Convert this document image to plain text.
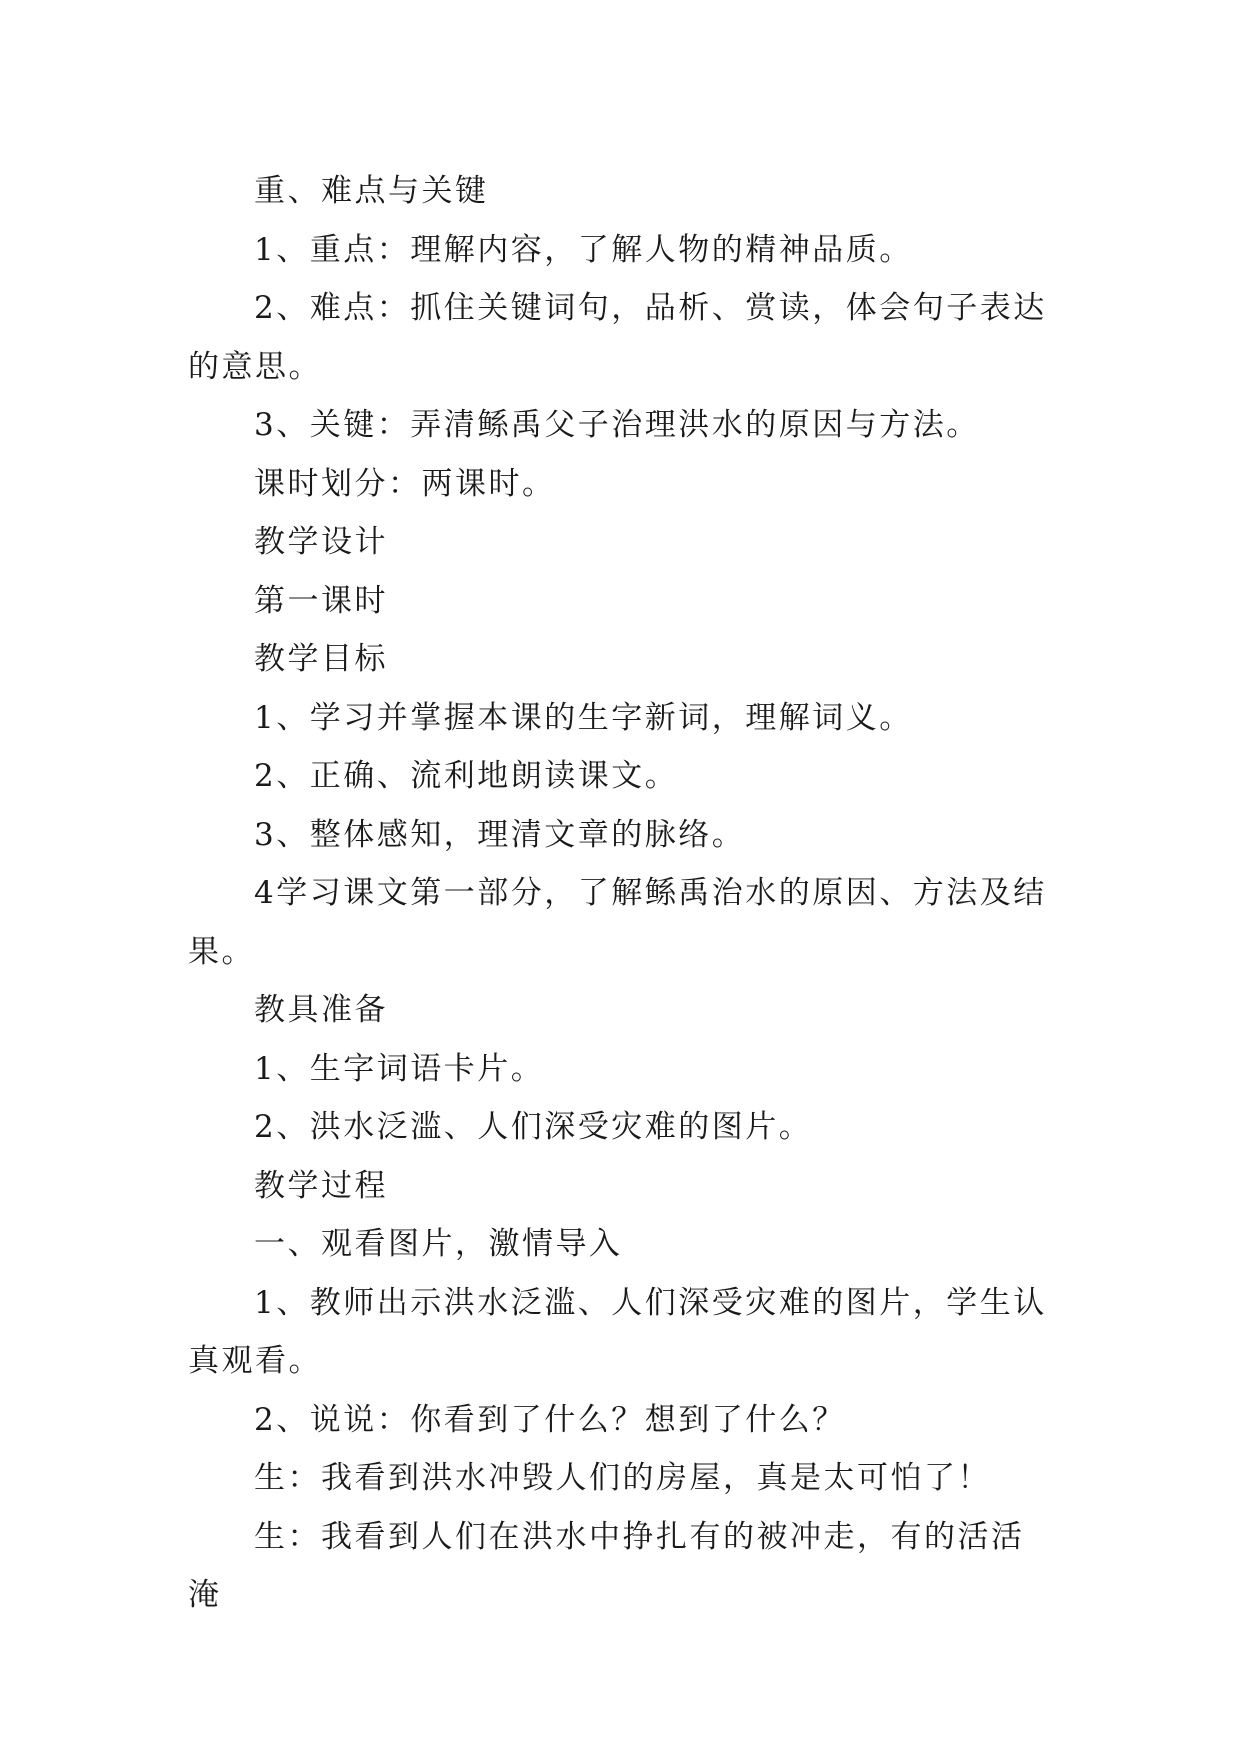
重、难点与关键

1、重点：理解内容，了解人物的精神品质。

2、难点：抓住关键词句，品析、赏读，体会句子表达的意思。

3、关键：弄清鲧禹父子治理洪水的原因与方法。

课时划分：两课时。

教学设计

第一课时

教学目标

1、学习并掌握本课的生字新词，理解词义。

2、正确、流利地朗读课文。

3、整体感知，理清文章的脉络。

4学习课文第一部分，了解鲧禹治水的原因、方法及结果。

教具准备

1、生字词语卡片。

2、洪水泛滥、人们深受灾难的图片。

教学过程

一、观看图片，激情导入

1、教师出示洪水泛滥、人们深受灾难的图片，学生认真观看。

2、说说：你看到了什么？想到了什么？

生：我看到洪水冲毁人们的房屋，真是太可怕了！

生：我看到人们在洪水中挣扎有的被冲走，有的活活淹
